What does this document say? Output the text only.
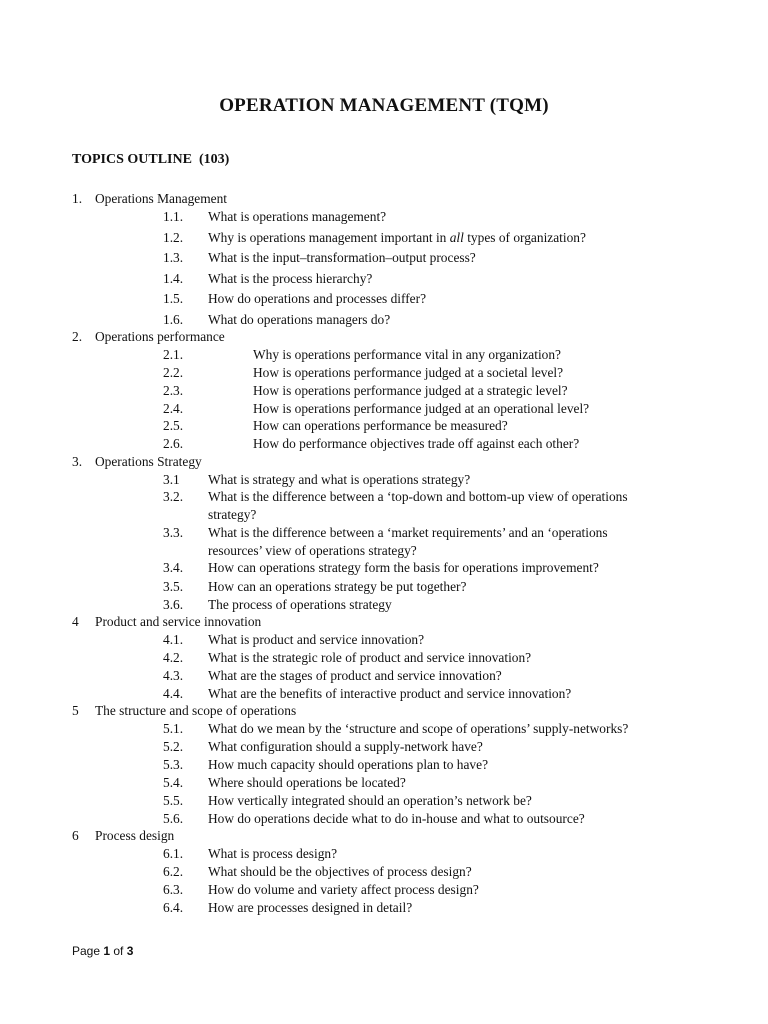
OPERATION MANAGEMENT (TQM)
TOPICS OUTLINE  (103)
1. Operations Management
1.1. What is operations management?
1.2. Why is operations management important in all types of organization?
1.3. What is the input–transformation–output process?
1.4. What is the process hierarchy?
1.5. How do operations and processes differ?
1.6. What do operations managers do?
2. Operations performance
2.1.	Why is operations performance vital in any organization?
2.2.	How is operations performance judged at a societal level?
2.3.	How is operations performance judged at a strategic level?
2.4.	How is operations performance judged at an operational level?
2.5.	How can operations performance be measured?
2.6.	How do performance objectives trade off against each other?
3. Operations Strategy
3.1 What is strategy and what is operations strategy?
3.2. What is the difference between a ‘top-down and bottom-up view of operations
strategy?
3.3. What is the difference between a ‘market requirements’ and an ‘operations
resources’ view of operations strategy?
3.4. How can operations strategy form the basis for operations improvement?
3.5. How can an operations strategy be put together?
3.6. The process of operations strategy
4 Product and service innovation
4.1. What is product and service innovation?
4.2. What is the strategic role of product and service innovation?
4.3. What are the stages of product and service innovation?
4.4. What are the benefits of interactive product and service innovation?
5 The structure and scope of operations
5.1. What do we mean by the ‘structure and scope of operations’ supply-networks?
5.2. What configuration should a supply-network have?
5.3. How much capacity should operations plan to have?
5.4. Where should operations be located?
5.5. How vertically integrated should an operation’s network be?
5.6. How do operations decide what to do in-house and what to outsource?
6 Process design
6.1. What is process design?
6.2. What should be the objectives of process design?
6.3. How do volume and variety affect process design?
6.4. How are processes designed in detail?
Page 1 of 3
